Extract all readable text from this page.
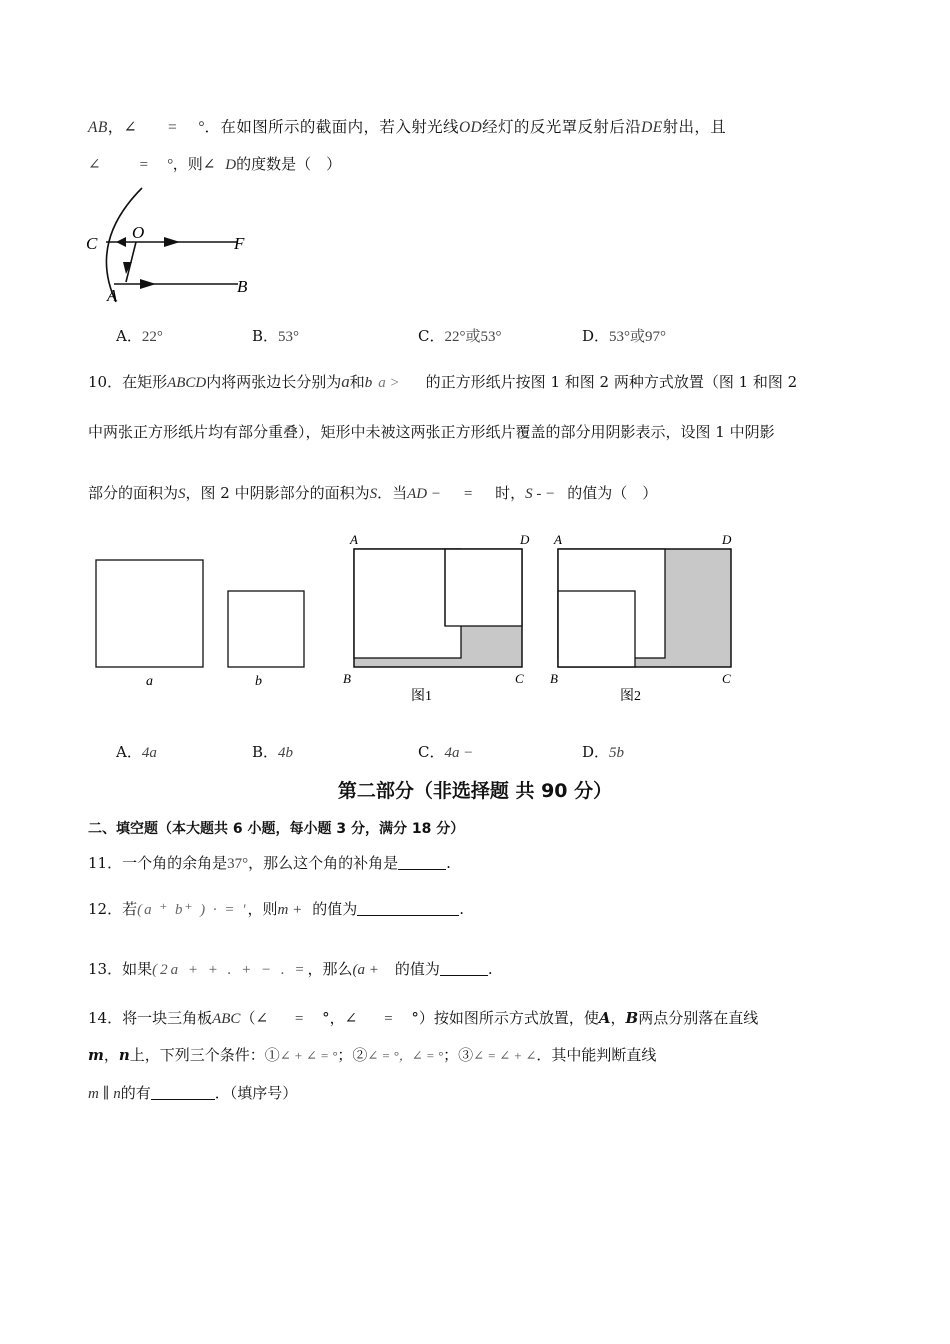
AB，∠ = °．在如图所示的截面内，若入射光线OD经灯的反光罩反射后沿DE射出，且
∠	= °，则∠ D的度数是（　）
C
O
F
A	B
A．22°	B．53°	C．22°或53°	D．53°或97°
10．在矩形ABCD内将两张边长分别为a和b a > 的正方形纸片按图 1 和图 2 两种方式放置（图 1 和图 2
中两张正方形纸片均有部分重叠），矩形中未被这两张正方形纸片覆盖的部分用阴影表示，设图 1 中阴影
部分的面积为S，图 2 中阴影部分的面积为S．当AD − = 时，S - − 的值为（　）
a	b
A	D
B	C
图1
A	D
B	C
图2
A．4a	B．4b	C．4a −	D．5b
第二部分（非选择题 共 90 分）
二、填空题（本大题共 6 小题，每小题 3 分，满分 18 分）
11．一个角的余角是37°，那么这个角的补角是	.
12．若(a ⁺ b⁺ ) · = '，则m + 的值为	.
13．如果(2a + + . + − . =，那么(a + 的值为	.
14．将一块三角板ABC（∠ = °，∠ = °）按如图所示方式放置，使A，B两点分别落在直线
m，n上，下列三个条件：①∠ + ∠ = °；②∠ = °，∠ = °；③∠ = ∠ + ∠．其中能判断直线
m ∥ n的有	．（填序号）
